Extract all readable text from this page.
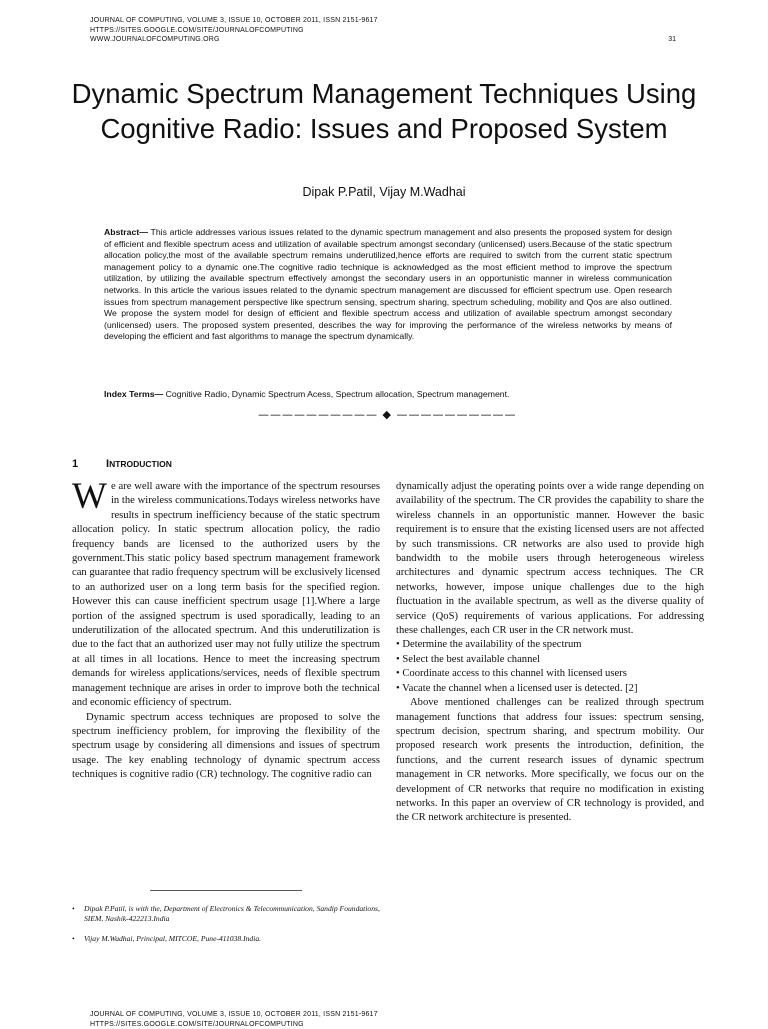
JOURNAL OF COMPUTING, VOLUME 3, ISSUE 10, OCTOBER 2011, ISSN 2151-9617
HTTPS://SITES.GOOGLE.COM/SITE/JOURNALOFCOMPUTING
WWW.JOURNALOFCOMPUTING.ORG	31
Dynamic Spectrum Management Techniques Using Cognitive Radio: Issues and Proposed System
Dipak P.Patil, Vijay M.Wadhai
Abstract— This article addresses various issues related to the dynamic spectrum management and also presents the proposed system for design of efficient and flexible spectrum acess and utilization of available spectrum amongst secondary (unlicensed) users.Because of the static spectrum allocation policy,the most of the available spectrum remains underutilized,hence efforts are required to switch from the current static spectrum management policy to a dynamic one.The cognitive radio technique is acknowledged as the most efficient method to improve the spectrum utilization, by utilizing the available spectrum effectively amongst the secondary users in an opportunistic manner in wireless communication networks. In this article the various issues related to the dynamic spectrum management are discussed for efficient spectrum use. Open research issues from spectrum management perspective like spectrum sensing, spectrum sharing, spectrum scheduling, mobility and Qos are also outlined. We propose the system model for design of efficient and flexible spectrum access and utilization of available spectrum amongst secondary (unlicensed) users. The proposed system presented, describes the way for improving the performance of the wireless networks by means of developing the efficient and fast algorithms to manage the spectrum dynamically.
Index Terms— Cognitive Radio, Dynamic Spectrum Acess, Spectrum allocation, Spectrum management.
—————————— ◆ ——————————
1	INTRODUCTION

We are well aware with the importance of the spectrum resourses in the wireless communications.Todays wireless networks have results in spectrum inefficiency because of the static spectrum allocation policy. In static spectrum allocation policy, the radio frequency bands are licensed to the authorized users by the government.This static policy based spectrum management framework can guarantee that radio frequency spectrum will be exclusively licensed to an authorized user on a long term basis for the specified region. However this can cause inefficient spectrum usage [1].Where a large portion of the assigned spectrum is used sporadically, leading to an underutilization of the allocated spectrum. And this underutilization is due to the fact that an authorized user may not fully utilize the spectrum at all times in all locations. Hence to meet the increasing spectrum demands for wireless applications/services, needs of flexible spectrum management technique are arises in order to improve both the technical and economic efficiency of spectrum.

Dynamic spectrum access techniques are proposed to solve the spectrum inefficiency problem, for improving the flexibility of the spectrum usage by considering all dimensions and issues of spectrum usage. The key enabling technology of dynamic spectrum access techniques is cognitive radio (CR) technology. The cognitive radio can

dynamically adjust the operating points over a wide range depending on availability of the spectrum. The CR provides the capability to share the wireless channels in an opportunistic manner. However the basic requirement is to ensure that the existing licensed users are not affected by such transmissions. CR networks are also used to provide high bandwidth to the mobile users through heterogeneous wireless architectures and dynamic spectrum access techniques. The CR networks, however, impose unique challenges due to the high fluctuation in the available spectrum, as well as the diverse quality of service (QoS) requirements of various applications. For addressing these challenges, each CR user in the CR network must.

• Determine the availability of the spectrum
• Select the best available channel
• Coordinate access to this channel with licensed users
• Vacate the channel when a licensed user is detected. [2]

Above mentioned challenges can be realized through spectrum management functions that address four issues: spectrum sensing, spectrum decision, spectrum sharing, and spectrum mobility. Our proposed research work presents the introduction, definition, the functions, and the current research issues of dynamic spectrum management in CR networks. More specifically, we focus our on the development of CR networks that require no modification in existing networks. In this paper an overview of CR technology is provided, and the CR network architecture is presented.

• Dipak P.Patil, is with the, Department of Electronics & Telecommunication, Sandip Foundations, SIEM, Nashik-422213.India
• Vijay M.Wadhai, Principal, MITCOE, Pune-411038.India.
JOURNAL OF COMPUTING, VOLUME 3, ISSUE 10, OCTOBER 2011, ISSN 2151-9617
HTTPS://SITES.GOOGLE.COM/SITE/JOURNALOFCOMPUTING
